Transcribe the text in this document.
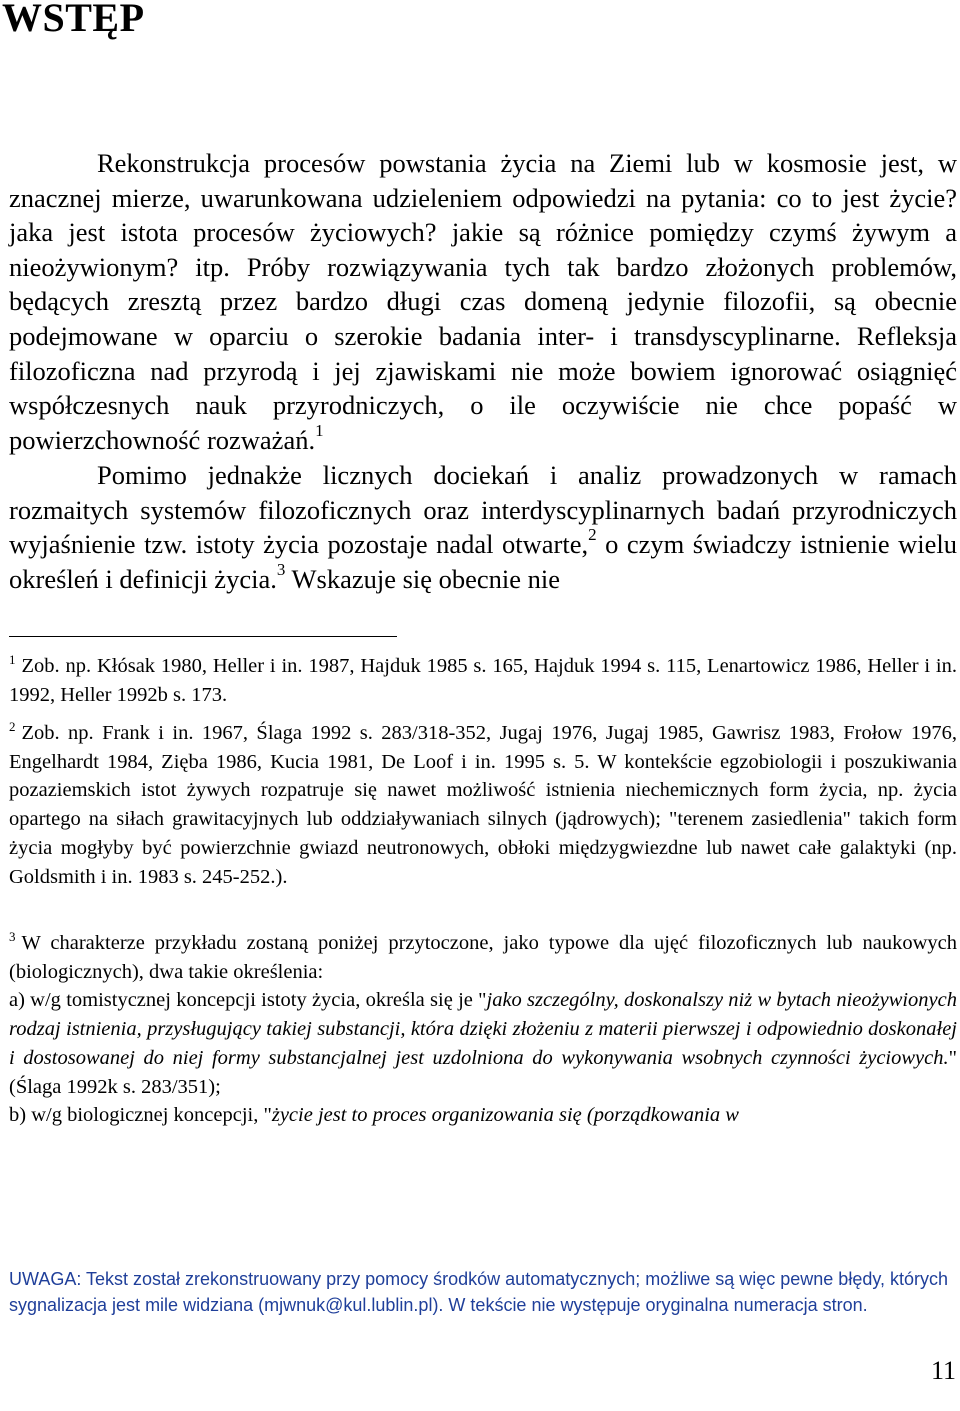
WSTĘP

Rekonstrukcja procesów powstania życia na Ziemi lub w kosmosie jest, w znacznej mierze, uwarunkowana udzieleniem odpowiedzi na pytania: co to jest życie? jaka jest istota procesów życiowych? jakie są różnice pomiędzy czymś żywym a nieożywionym? itp. Próby rozwiązywania tych tak bardzo złożonych problemów, będących zresztą przez bardzo długi czas domeną jedynie filozofii, są obecnie podejmowane w oparciu o szerokie badania inter- i transdyscyplinarne. Refleksja filozoficzna nad przyrodą i jej zjawiskami nie może bowiem ignorować osiągnięć współczesnych nauk przyrodniczych, o ile oczywiście nie chce popaść w powierzchowność rozważań.$^1$

Pomimo jednakże licznych dociekań i analiz prowadzonych w ramach rozmaitych systemów filozoficznych oraz interdyscyplinarnych badań przyrodniczych wyjaśnienie tzw. istoty życia pozostaje nadal otwarte,$^2$ o czym świadczy istnienie wielu określeń i definicji życia.$^3$ Wskazuje się obecnie nie

$^1$ Zob. np. Kłósak 1980, Heller i in. 1987, Hajduk 1985 s. 165, Hajduk 1994 s. 115, Lenartowicz 1986, Heller i in. 1992, Heller 1992b s. 173.

$^2$ Zob. np. Frank i in. 1967, Ślaga 1992 s. 283/318-352, Jugaj 1976, Jugaj 1985, Gawrisz 1983, Frołow 1976, Engelhardt 1984, Zięba 1986, Kucia 1981, De Loof i in. 1995 s. 5. W kontekście egzobiologii i poszukiwania pozaziemskich istot żywych rozpatruje się nawet możliwość istnienia niechemicznych form życia, np. życia opartego na siłach grawitacyjnych lub oddziaływaniach silnych (jądrowych); "terenem zasiedlenia" takich form życia mogłyby być powierzchnie gwiazd neutronowych, obłoki międzygwiezdne lub nawet całe galaktyki (np. Goldsmith i in. 1983 s. 245-252.).

$^3$ W charakterze przykładu zostaną poniżej przytoczone, jako typowe dla ujęć filozoficznych lub naukowych (biologicznych), dwa takie określenia:
a) w/g tomistycznej koncepcji istoty życia, określa się je "jako szczególny, doskonalszy niż w bytach nieożywionych rodzaj istnienia, przysługujący takiej substancji, która dzięki złożeniu z materii pierwszej i odpowiednio doskonałej i dostosowanej do niej formy substancjalnej jest uzdolniona do wykonywania wsobnych czynności życiowych." (Ślaga 1992k s. 283/351);
b) w/g biologicznej koncepcji, "życie jest to proces organizowania się (porządkowania w

UWAGA: Tekst został zrekonstruowany przy pomocy środków automatycznych; możliwe są więc pewne błędy, których sygnalizacja jest mile widziana (mjwnuk@kul.lublin.pl). W tekście nie występuje oryginalna numeracja stron.

11
